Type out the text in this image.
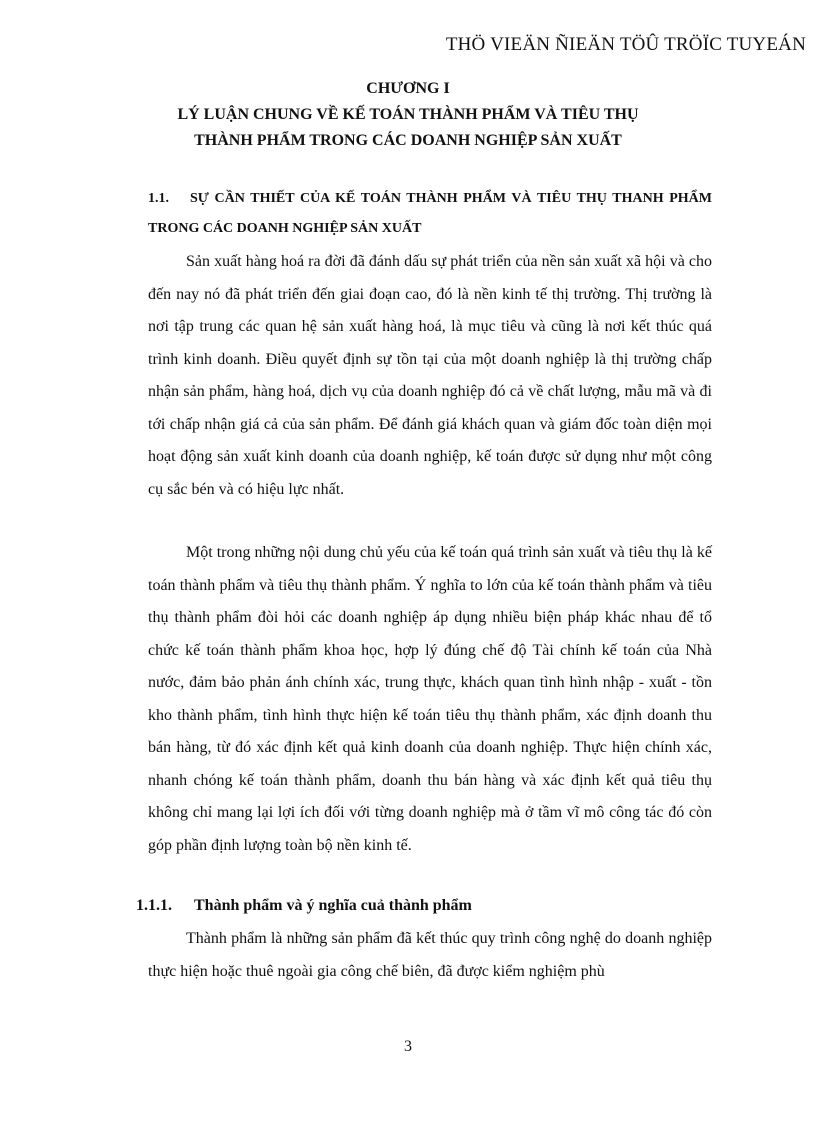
THÖ VIEÄN ÑIEÄN TÖÛ TRÖÏC TUYEÁN
CHƯƠNG I
LÝ LUẬN CHUNG VỀ KẾ TOÁN THÀNH PHẨM VÀ TIÊU THỤ
THÀNH PHẨM TRONG CÁC DOANH NGHIỆP SẢN XUẤT
1.1. SỰ CẦN THIẾT CỦA KẾ TOÁN THÀNH PHẨM VÀ TIÊU THỤ THANH PHẨM TRONG CÁC DOANH NGHIỆP SẢN XUẤT

Sản xuất hàng hoá ra đời đã đánh dấu sự phát triển của nền sản xuất xã hội và cho đến nay nó đã phát triển đến giai đoạn cao, đó là nền kinh tế thị trường. Thị trường là nơi tập trung các quan hệ sản xuất hàng hoá, là mục tiêu và cũng là nơi kết thúc quá trình kinh doanh. Điều quyết định sự tồn tại của một doanh nghiệp là thị trường chấp nhận sản phẩm, hàng hoá, dịch vụ của doanh nghiệp đó cả về chất lượng, mẫu mã và đi tới chấp nhận giá cả của sản phẩm. Để đánh giá khách quan và giám đốc toàn diện mọi hoạt động sản xuất kinh doanh của doanh nghiệp, kế toán được sử dụng như một công cụ sắc bén và có hiệu lực nhất.

Một trong những nội dung chủ yếu của kế toán quá trình sản xuất và tiêu thụ là kế toán thành phẩm và tiêu thụ thành phẩm. Ý nghĩa to lớn của kế toán thành phẩm và tiêu thụ thành phẩm đòi hỏi các doanh nghiệp áp dụng nhiều biện pháp khác nhau để tổ chức kế toán thành phẩm khoa học, hợp lý đúng chế độ Tài chính kế toán của Nhà nước, đảm bảo phản ánh chính xác, trung thực, khách quan tình hình nhập - xuất - tồn kho thành phẩm, tình hình thực hiện kế toán tiêu thụ thành phẩm, xác định doanh thu bán hàng, từ đó xác định kết quả kinh doanh của doanh nghiệp. Thực hiện chính xác, nhanh chóng kế toán thành phẩm, doanh thu bán hàng và xác định kết quả tiêu thụ không chỉ mang lại lợi ích đối với từng doanh nghiệp mà ở tầm vĩ mô công tác đó còn góp phần định lượng toàn bộ nền kinh tế.

1.1.1. Thành phẩm và ý nghĩa cuả thành phẩm

Thành phẩm là những sản phẩm đã kết thúc quy trình công nghệ do doanh nghiệp thực hiện hoặc thuê ngoài gia công chế biên, đã được kiểm nghiệm phù

3
